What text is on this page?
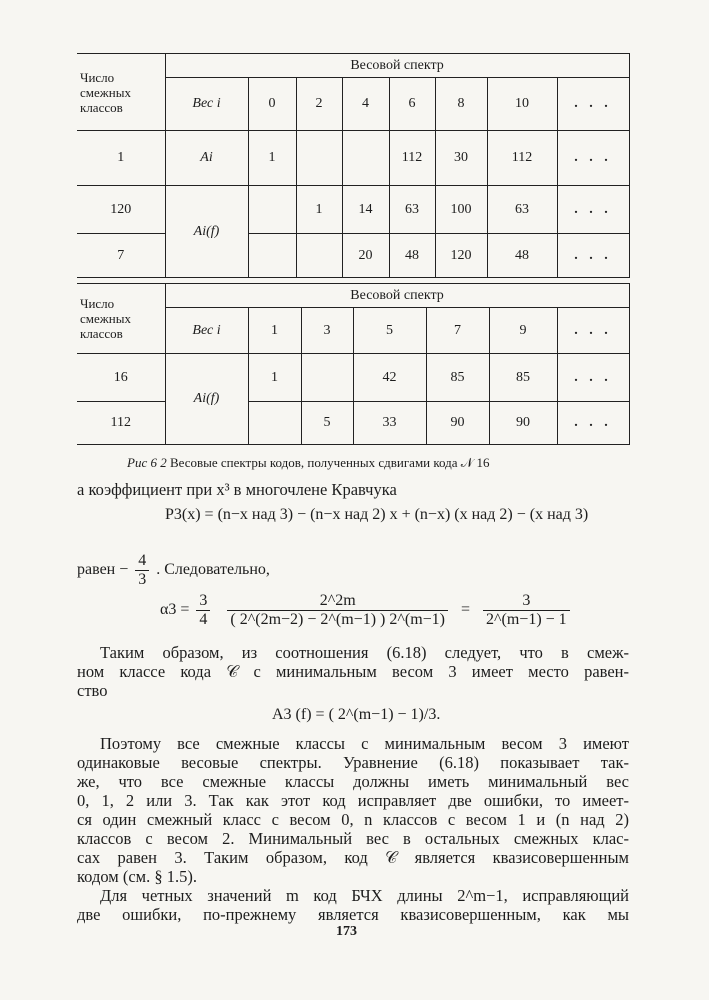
Число смежных классов	Весовой спектр							
	Вес i	0	2	4	6	8	10	. . .
1	Ai	1			112	30	112	. . .
120	Ai(f)		1	14	63	100	63	. . .
7				20	48	120	48	. . .
Число смежных классов	Весовой спектр						
	Вес i	1	3	5	7	9	. . .
16	Ai(f)	1		42	85	85	. . .
112			5	33	90	90	. . .
Рис 6 2 Весовые спектры кодов, полученных сдвигами кода 𝒩 16
а коэффициент при x³ в многочлене Кравчука
P3(x) = (n−x над 3) − (n−x над 2) x + (n−x) (x над 2) − (x над 3)
равен − $\frac{4}{3}$ . Следовательно,
$\alpha 3 = \frac{3}{4}$
$\frac{2\^{}2m}{( 2\^{}(2m-2) - 2\^{}(m-1) ) 2\^{}(m-1)} = \frac{3}{2\^{}(m-1) - 1}$
Таким образом, из соотношения (6.18) следует, что в смеж-
ном классе кода 𝒞 с минимальным весом 3 имеет место равен-
ство
A3 (f) = ( 2^(m−1) − 1)/3.
Поэтому все смежные классы с минимальным весом 3 имеют
одинаковые весовые спектры. Уравнение (6.18) показывает так-
же, что все смежные классы должны иметь минимальный вес
0, 1, 2 или 3. Так как этот код исправляет две ошибки, то имеет-
ся один смежный класс с весом 0, n классов с весом 1 и (n над 2)
классов с весом 2. Минимальный вес в остальных смежных клас-
сах равен 3. Таким образом, код 𝒞 является квазисовершенным
кодом (см. § 1.5).
Для четных значений m код БЧХ длины 2^m−1, исправляющий
две ошибки, по-прежнему является квазисовершенным, как мы
173
